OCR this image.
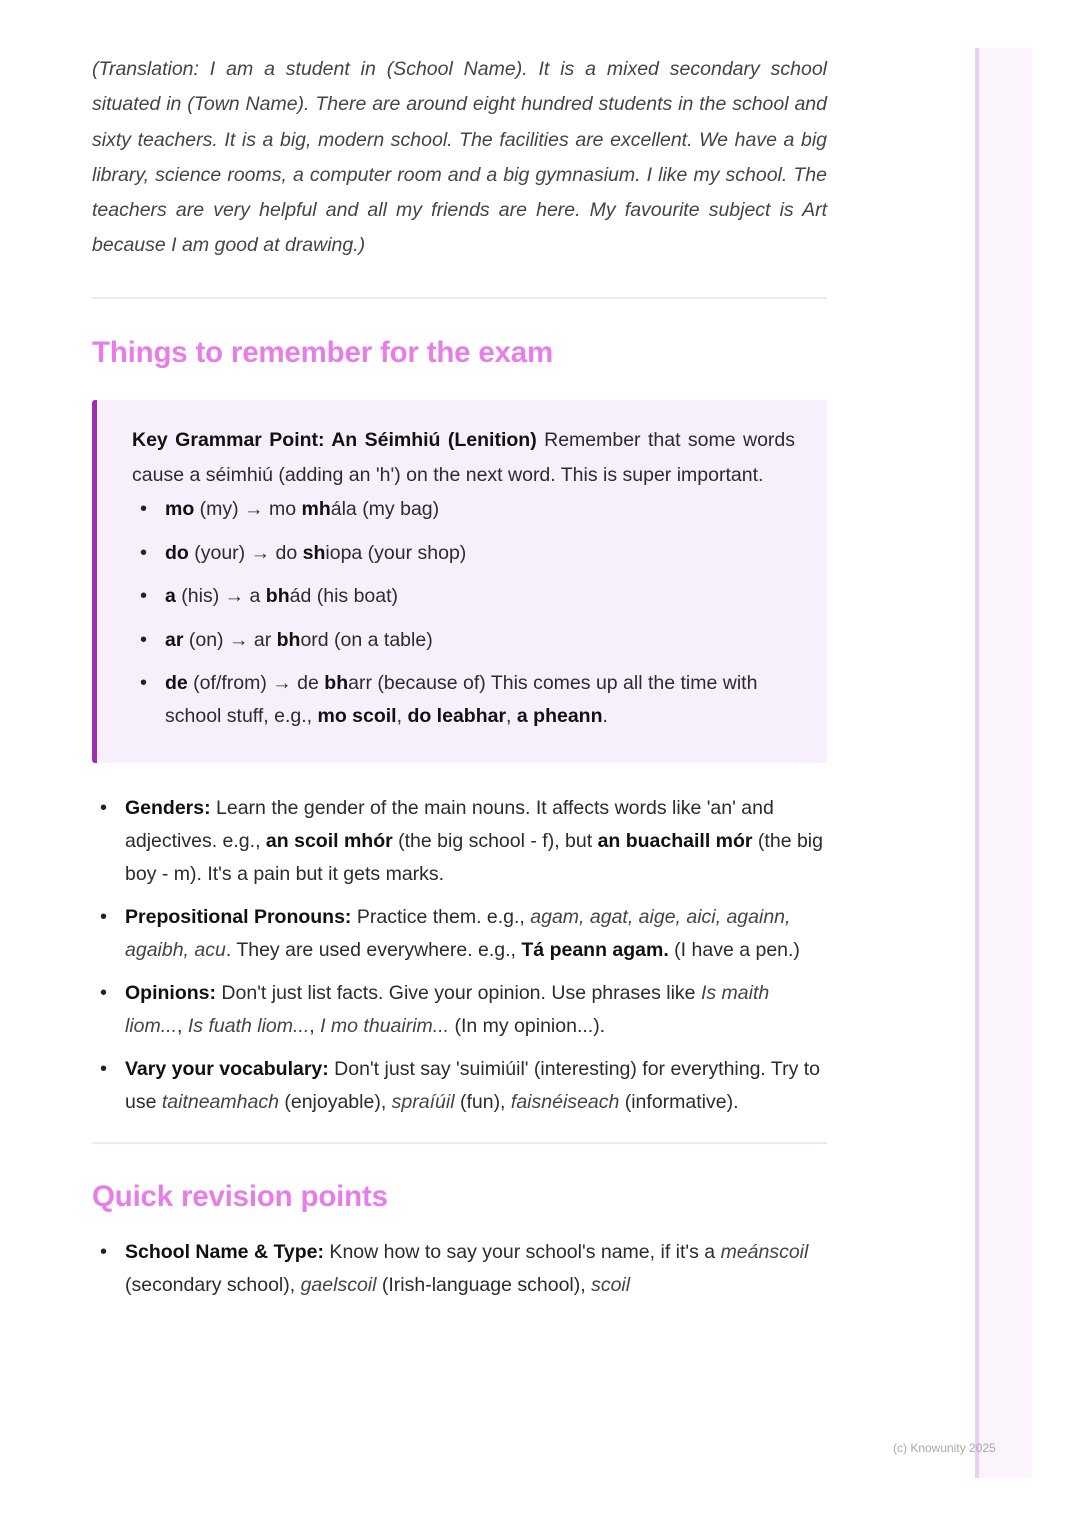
(Translation: I am a student in (School Name). It is a mixed secondary school situated in (Town Name). There are around eight hundred students in the school and sixty teachers. It is a big, modern school. The facilities are excellent. We have a big library, science rooms, a computer room and a big gymnasium. I like my school. The teachers are very helpful and all my friends are here. My favourite subject is Art because I am good at drawing.)

Things to remember for the exam

Key Grammar Point: An Séimhiú (Lenition) Remember that some words cause a séimhiú (adding an 'h') on the next word. This is super important.

• mo (my) → mo mhála (my bag)
• do (your) → do shiopa (your shop)
• a (his) → a bhád (his boat)
• ar (on) → ar bhord (on a table)
• de (of/from) → de bharr (because of) This comes up all the time with school stuff, e.g., mo scoil, do leabhar, a pheann.
• Genders: Learn the gender of the main nouns. It affects words like 'an' and adjectives. e.g., an scoil mhór (the big school - f), but an buachaill mór (the big boy - m). It's a pain but it gets marks.
• Prepositional Pronouns: Practice them. e.g., agam, agat, aige, aici, againn, agaibh, acu. They are used everywhere. e.g., Tá peann agam. (I have a pen.)
• Opinions: Don't just list facts. Give your opinion. Use phrases like Is maith liom..., Is fuath liom..., I mo thuairim... (In my opinion...).
• Vary your vocabulary: Don't just say 'suimiúil' (interesting) for everything. Try to use taitneamhach (enjoyable), spraíúil (fun), faisnéiseach (informative).
Quick revision points
• School Name & Type: Know how to say your school's name, if it's a meánscoil (secondary school), gaelscoil (Irish-language school), scoil
(c) Knowunity 2025
